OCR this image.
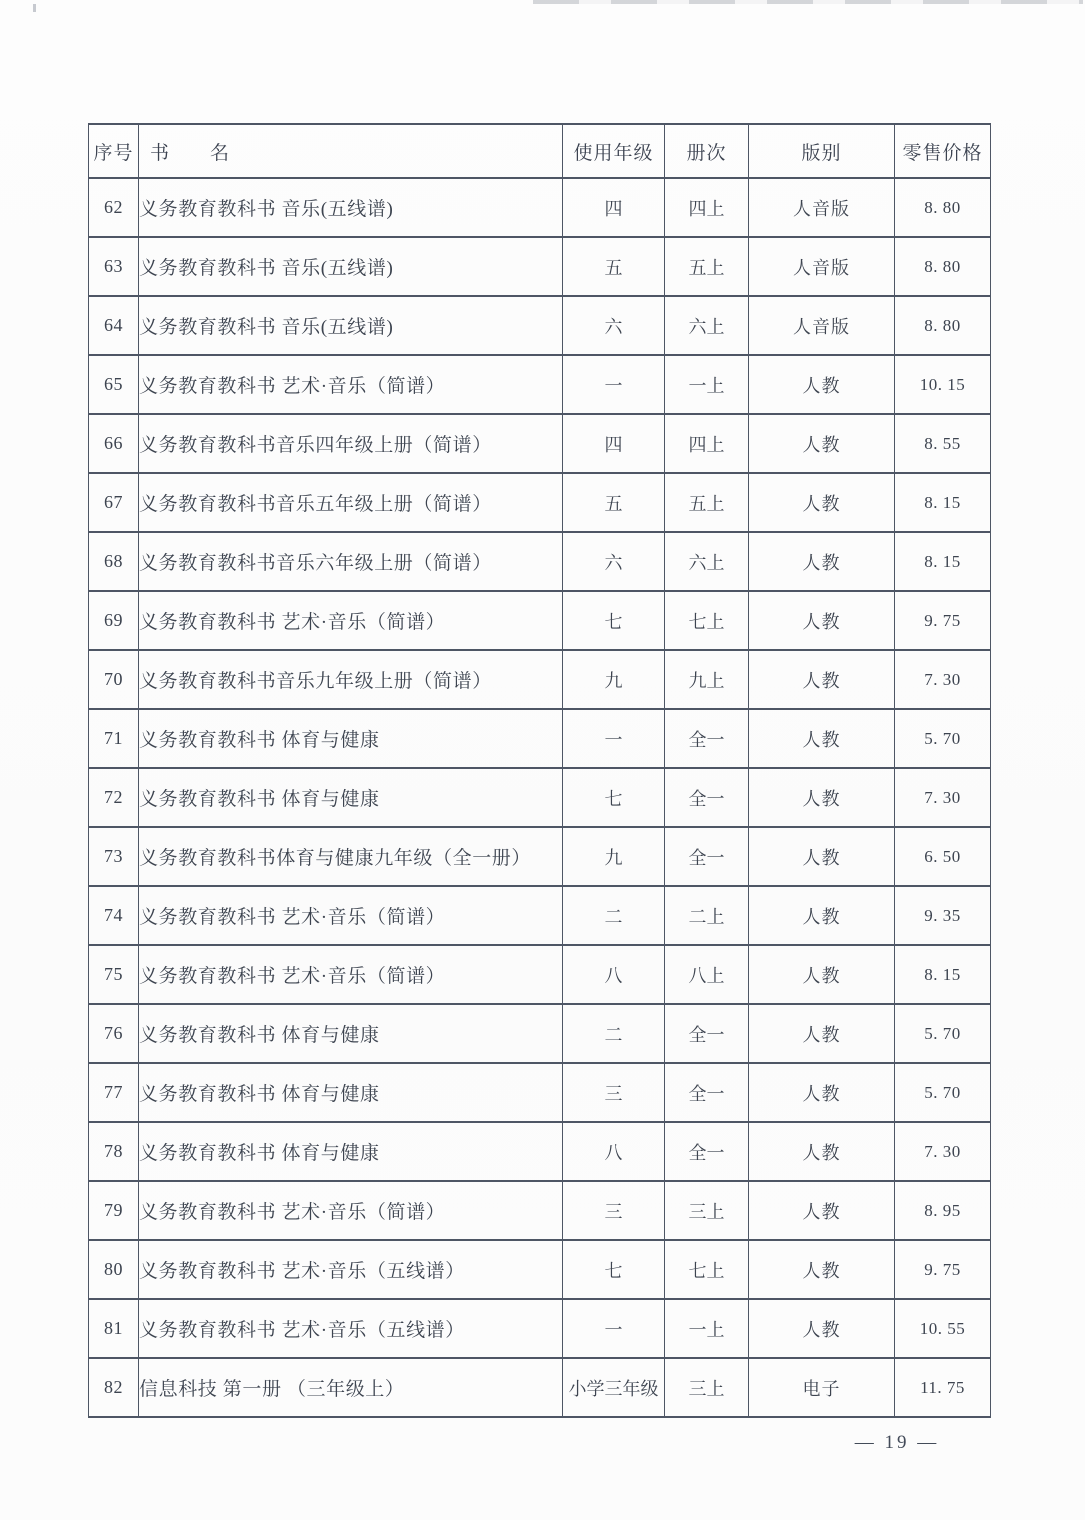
序号	书　　名	使用年级	册次	版别	零售价格
62	义务教育教科书 音乐(五线谱)	四	四上	人音版	8. 80
63	义务教育教科书 音乐(五线谱)	五	五上	人音版	8. 80
64	义务教育教科书 音乐(五线谱)	六	六上	人音版	8. 80
65	义务教育教科书 艺术·音乐（简谱）	一	一上	人教	10. 15
66	义务教育教科书音乐四年级上册（简谱）	四	四上	人教	8. 55
67	义务教育教科书音乐五年级上册（简谱）	五	五上	人教	8. 15
68	义务教育教科书音乐六年级上册（简谱）	六	六上	人教	8. 15
69	义务教育教科书 艺术·音乐（简谱）	七	七上	人教	9. 75
70	义务教育教科书音乐九年级上册（简谱）	九	九上	人教	7. 30
71	义务教育教科书 体育与健康	一	全一	人教	5. 70
72	义务教育教科书 体育与健康	七	全一	人教	7. 30
73	义务教育教科书体育与健康九年级（全一册）	九	全一	人教	6. 50
74	义务教育教科书 艺术·音乐（简谱）	二	二上	人教	9. 35
75	义务教育教科书 艺术·音乐（简谱）	八	八上	人教	8. 15
76	义务教育教科书 体育与健康	二	全一	人教	5. 70
77	义务教育教科书 体育与健康	三	全一	人教	5. 70
78	义务教育教科书 体育与健康	八	全一	人教	7. 30
79	义务教育教科书 艺术·音乐（简谱）	三	三上	人教	8. 95
80	义务教育教科书 艺术·音乐（五线谱）	七	七上	人教	9. 75
81	义务教育教科书 艺术·音乐（五线谱）	一	一上	人教	10. 55
82	信息科技 第一册 （三年级上）	小学三年级	三上	电子	11. 75
— 19 —
